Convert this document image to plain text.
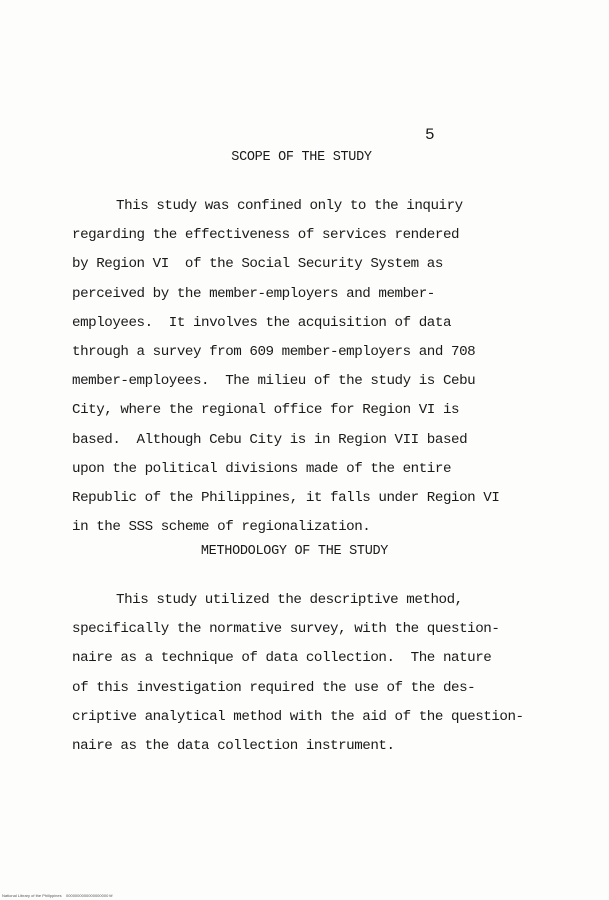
5
SCOPE OF THE STUDY
This study was confined only to the inquiry
regarding the effectiveness of services rendered
by Region VI  of the Social Security System as
perceived by the member-employers and member-
employees.  It involves the acquisition of data
through a survey from 609 member-employers and 708
member-employees.  The milieu of the study is Cebu
City, where the regional office for Region VI is
based.  Although Cebu City is in Region VII based
upon the political divisions made of the entire
Republic of the Philippines, it falls under Region VI
in the SSS scheme of regionalization.
METHODOLOGY OF THE STUDY
This study utilized the descriptive method,
specifically the normative survey, with the question-
naire as a technique of data collection.  The nature
of this investigation required the use of the des-
criptive analytical method with the aid of the question-
naire as the data collection instrument.
National Library of the Philippines    0000000000000000000 tif
